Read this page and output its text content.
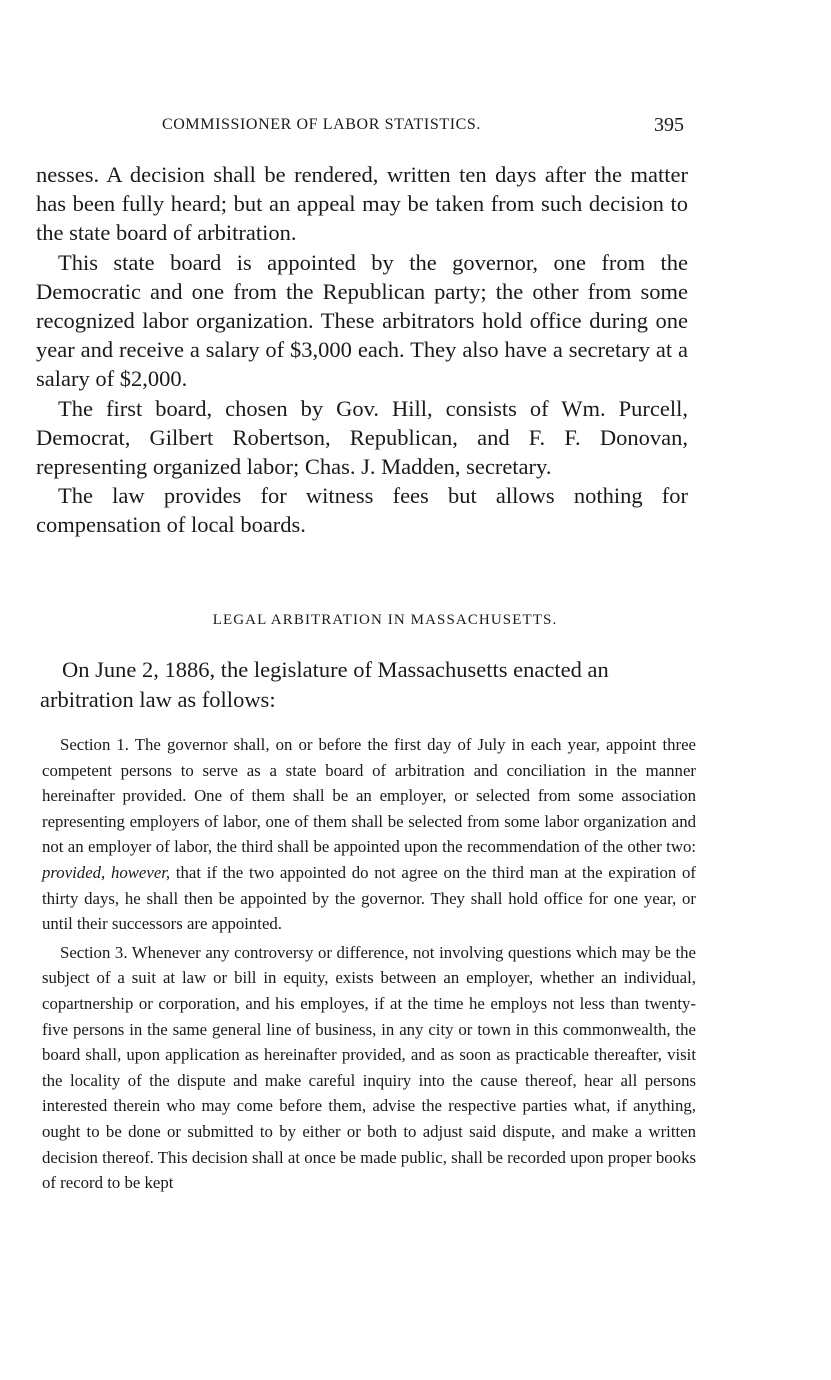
COMMISSIONER OF LABOR STATISTICS.	395

nesses. A decision shall be rendered, written ten days after the matter has been fully heard; but an appeal may be taken from such decision to the state board of arbitration.

This state board is appointed by the governor, one from the Democratic and one from the Republican party; the other from some recognized labor organization. These arbitrators hold office during one year and receive a salary of $3,000 each. They also have a secretary at a salary of $2,000.

The first board, chosen by Gov. Hill, consists of Wm. Purcell, Democrat, Gilbert Robertson, Republican, and F. F. Donovan, representing organized labor; Chas. J. Madden, secretary.

The law provides for witness fees but allows nothing for compensation of local boards.

LEGAL ARBITRATION IN MASSACHUSETTS.

On June 2, 1886, the legislature of Massachusetts enacted an arbitration law as follows:

Section 1. The governor shall, on or before the first day of July in each year, appoint three competent persons to serve as a state board of arbitration and conciliation in the manner hereinafter provided. One of them shall be an employer, or selected from some association representing employers of labor, one of them shall be selected from some labor organization and not an employer of labor, the third shall be appointed upon the recommendation of the other two: provided, however, that if the two appointed do not agree on the third man at the expiration of thirty days, he shall then be appointed by the governor. They shall hold office for one year, or until their successors are appointed.

Section 3. Whenever any controversy or difference, not involving questions which may be the subject of a suit at law or bill in equity, exists between an employer, whether an individual, copartnership or corporation, and his employes, if at the time he employs not less than twenty-five persons in the same general line of business, in any city or town in this commonwealth, the board shall, upon application as hereinafter provided, and as soon as practicable thereafter, visit the locality of the dispute and make careful inquiry into the cause thereof, hear all persons interested therein who may come before them, advise the respective parties what, if anything, ought to be done or submitted to by either or both to adjust said dispute, and make a written decision thereof. This decision shall at once be made public, shall be recorded upon proper books of record to be kept
